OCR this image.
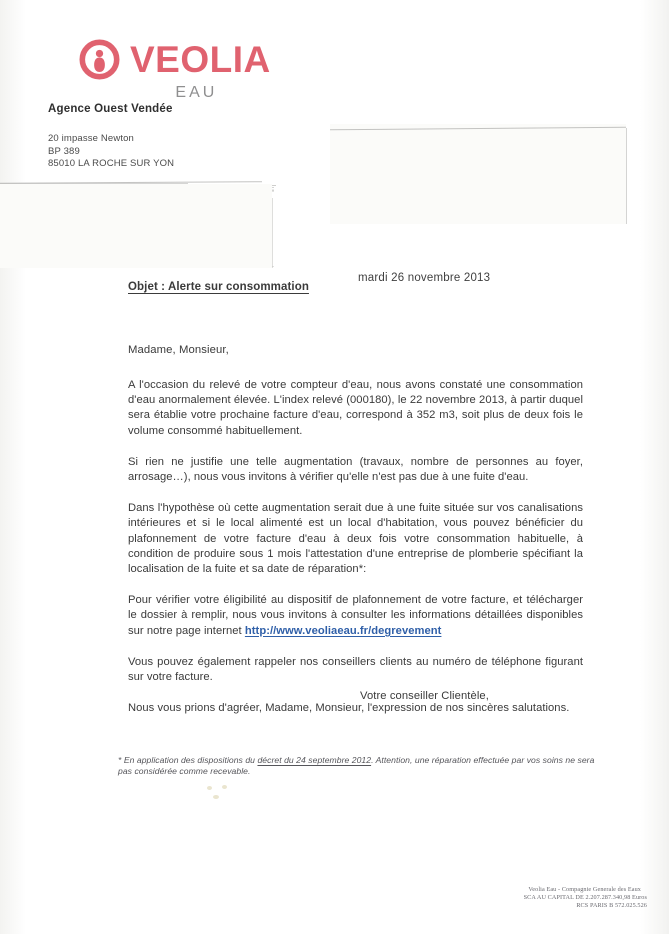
VEOLIA
EAU
Agence Ouest Vendée
20 impasse Newton
BP 389
85010 LA ROCHE SUR YON
Objet : Alerte sur consommation
mardi 26 novembre 2013
Madame, Monsieur,

A l'occasion du relevé de votre compteur d'eau, nous avons constaté une consommation d'eau anormalement élevée. L'index relevé (000180), le 22 novembre 2013, à partir duquel sera établie votre prochaine facture d'eau, correspond à 352 m3, soit plus de deux fois le volume consommé habituellement.

Si rien ne justifie une telle augmentation (travaux, nombre de personnes au foyer, arrosage…), nous vous invitons à vérifier qu'elle n'est pas due à une fuite d'eau.

Dans l'hypothèse où cette augmentation serait due à une fuite située sur vos canalisations intérieures et si le local alimenté est un local d'habitation, vous pouvez bénéficier du plafonnement de votre facture d'eau à deux fois votre consommation habituelle, à condition de produire sous 1 mois l'attestation d'une entreprise de plomberie spécifiant la localisation de la fuite et sa date de réparation*:

Pour vérifier votre éligibilité au dispositif de plafonnement de votre facture, et télécharger le dossier à remplir, nous vous invitons à consulter les informations détaillées disponibles sur notre page internet http://www.veoliaeau.fr/degrevement

Vous pouvez également rappeler nos conseillers clients au numéro de téléphone figurant sur votre facture.

Nous vous prions d'agréer, Madame, Monsieur, l'expression de nos sincères salutations.

Votre conseiller Clientèle,
* En application des dispositions du décret du 24 septembre 2012. Attention, une réparation effectuée par vos soins ne sera pas considérée comme recevable.
Veolia Eau - Compagnie Generale des Eaux
SCA AU CAPITAL DE 2.207.287.340,98 Euros
RCS PARIS B 572.025.526
